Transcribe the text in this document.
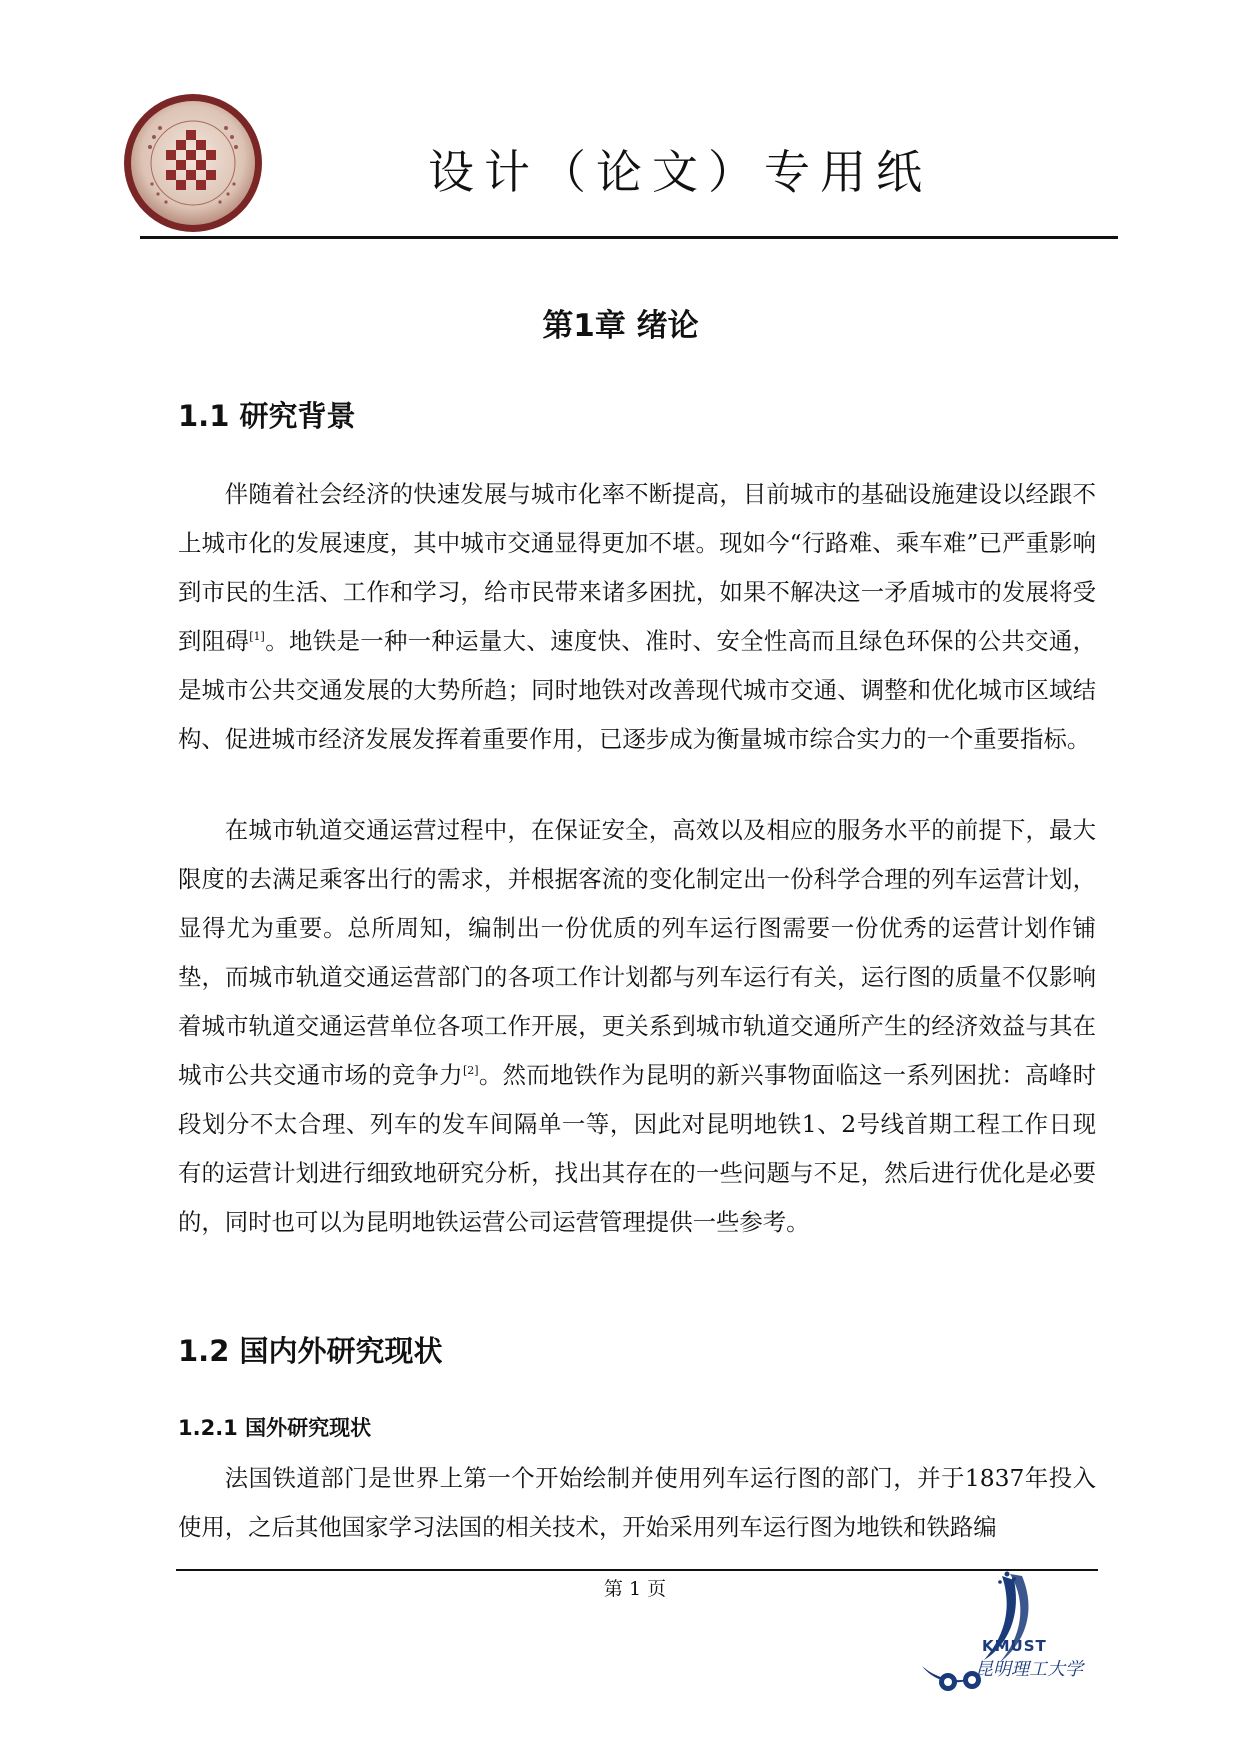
设计（论文）专用纸
第1章 绪论
1.1 研究背景

伴随着社会经济的快速发展与城市化率不断提高，目前城市的基础设施建设以经跟不上城市化的发展速度，其中城市交通显得更加不堪。现如今“行路难、乘车难”已严重影响到市民的生活、工作和学习，给市民带来诸多困扰，如果不解决这一矛盾城市的发展将受到阻碍[1]。地铁是一种一种运量大、速度快、准时、安全性高而且绿色环保的公共交通，是城市公共交通发展的大势所趋；同时地铁对改善现代城市交通、调整和优化城市区域结构、促进城市经济发展发挥着重要作用，已逐步成为衡量城市综合实力的一个重要指标。

在城市轨道交通运营过程中，在保证安全，高效以及相应的服务水平的前提下，最大限度的去满足乘客出行的需求，并根据客流的变化制定出一份科学合理的列车运营计划，显得尤为重要。总所周知，编制出一份优质的列车运行图需要一份优秀的运营计划作铺垫，而城市轨道交通运营部门的各项工作计划都与列车运行有关，运行图的质量不仅影响着城市轨道交通运营单位各项工作开展，更关系到城市轨道交通所产生的经济效益与其在城市公共交通市场的竞争力[2]。然而地铁作为昆明的新兴事物面临这一系列困扰：高峰时段划分不太合理、列车的发车间隔单一等，因此对昆明地铁1、2号线首期工程工作日现有的运营计划进行细致地研究分析，找出其存在的一些问题与不足，然后进行优化是必要的，同时也可以为昆明地铁运营公司运营管理提供一些参考。

1.2 国内外研究现状
1.2.1 国外研究现状

法国铁道部门是世界上第一个开始绘制并使用列车运行图的部门，并于1837年投入使用，之后其他国家学习法国的相关技术，开始采用列车运行图为地铁和铁路编

第 1 页
KMUST
昆明理工大学
